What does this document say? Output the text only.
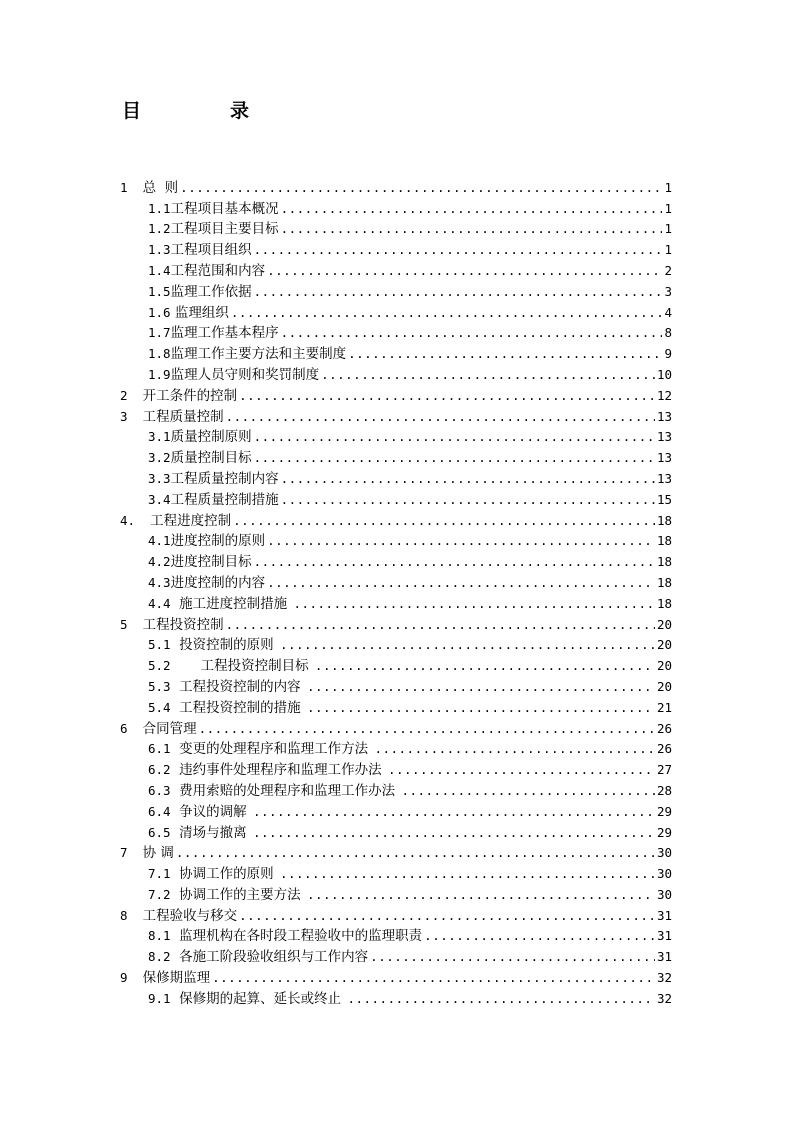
目	录
1  总  则 .....	1
1.1工程项目基本概况 .....	1
1.2工程项目主要目标 .....	1
1.3工程项目组织 .....	1
1.4工程范围和内容 .....	2
1.5监理工作依据 .....	3
1.6 监理组织 .....	4
1.7监理工作基本程序 .....	8
1.8监理工作主要方法和主要制度 .....	9
1.9监理人员守则和奖罚制度 .....	10
2  开工条件的控制 .....	12
3  工程质量控制 .....	13
3.1质量控制原则 .....	13
3.2质量控制目标 .....	13
3.3工程质量控制内容 .....	13
3.4工程质量控制措施 .....	15
4.  工程进度控制 .....	18
4.1进度控制的原则 .....	18
4.2进度控制目标 .....	18
4.3进度控制的内容 .....	18
4.4  施工进度控制措施 .....	18
5  工程投资控制 .....	20
5.1  投资控制的原则 .....	20
5.2       工程投资控制目标 .....	20
5.3  工程投资控制的内容 .....	20
5.4  工程投资控制的措施 .....	21
6  合同管理 .....	26
6.1  变更的处理程序和监理工作方法 .....	26
6.2  违约事件处理程序和监理工作办法 .....	27
6.3  费用索赔的处理程序和监理工作办法 .....	28
6.4  争议的调解 .....	29
6.5  清场与撤离 .....	29
7  协 调 .....	30
7.1  协调工作的原则 .....	30
7.2  协调工作的主要方法 .....	30
8  工程验收与移交 .....	31
8.1  监理机构在各时段工程验收中的监理职责 .....	31
8.2  各施工阶段验收组织与工作内容 .....	31
9  保修期监理 .....	32
9.1  保修期的起算、延长或终止 .....	32
